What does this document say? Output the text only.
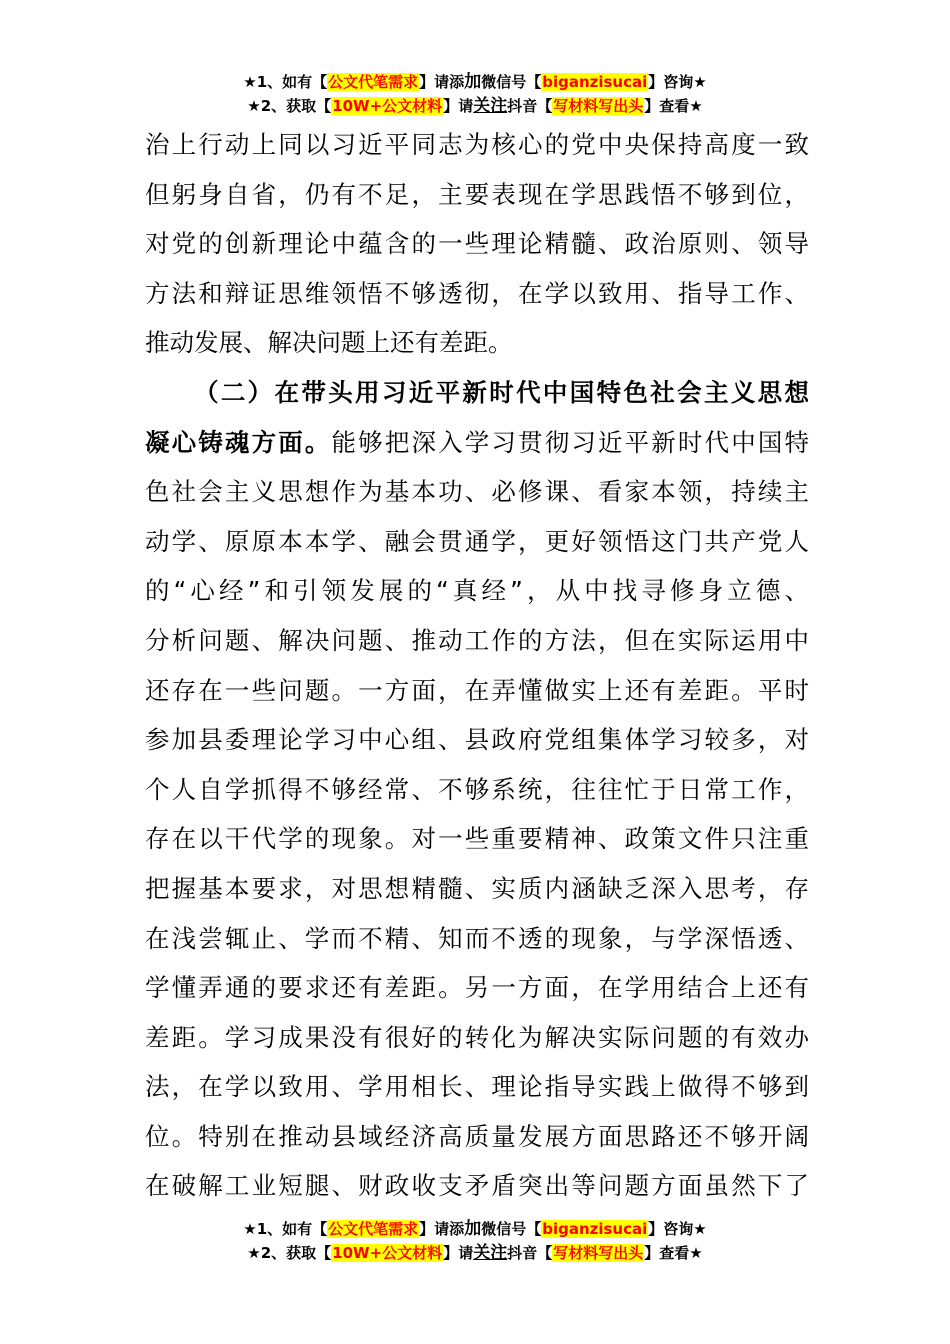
★1、如有【公文代笔需求】请添加微信号【biganzisucai】咨询★
★2、获取【10W+公文材料】请关注抖音【写材料写出头】查看★

治上行动上同以习近平同志为核心的党中央保持高度一致

但躬身自省，仍有不足，主要表现在学思践悟不够到位，

对党的创新理论中蕴含的一些理论精髓、政治原则、领导

方法和辩证思维领悟不够透彻，在学以致用、指导工作、

推动发展、解决问题上还有差距。

（二）在带头用习近平新时代中国特色社会主义思想

凝心铸魂方面。能够把深入学习贯彻习近平新时代中国特

色社会主义思想作为基本功、必修课、看家本领，持续主

动学、原原本本学、融会贯通学，更好领悟这门共产党人

的“心经”和引领发展的“真经”，从中找寻修身立德、

分析问题、解决问题、推动工作的方法，但在实际运用中

还存在一些问题。一方面，在弄懂做实上还有差距。平时

参加县委理论学习中心组、县政府党组集体学习较多，对

个人自学抓得不够经常、不够系统，往往忙于日常工作，

存在以干代学的现象。对一些重要精神、政策文件只注重

把握基本要求，对思想精髓、实质内涵缺乏深入思考，存

在浅尝辄止、学而不精、知而不透的现象，与学深悟透、

学懂弄通的要求还有差距。另一方面，在学用结合上还有

差距。学习成果没有很好的转化为解决实际问题的有效办

法，在学以致用、学用相长、理论指导实践上做得不够到

位。特别在推动县域经济高质量发展方面思路还不够开阔

在破解工业短腿、财政收支矛盾突出等问题方面虽然下了

★1、如有【公文代笔需求】请添加微信号【biganzisucai】咨询★
★2、获取【10W+公文材料】请关注抖音【写材料写出头】查看★
